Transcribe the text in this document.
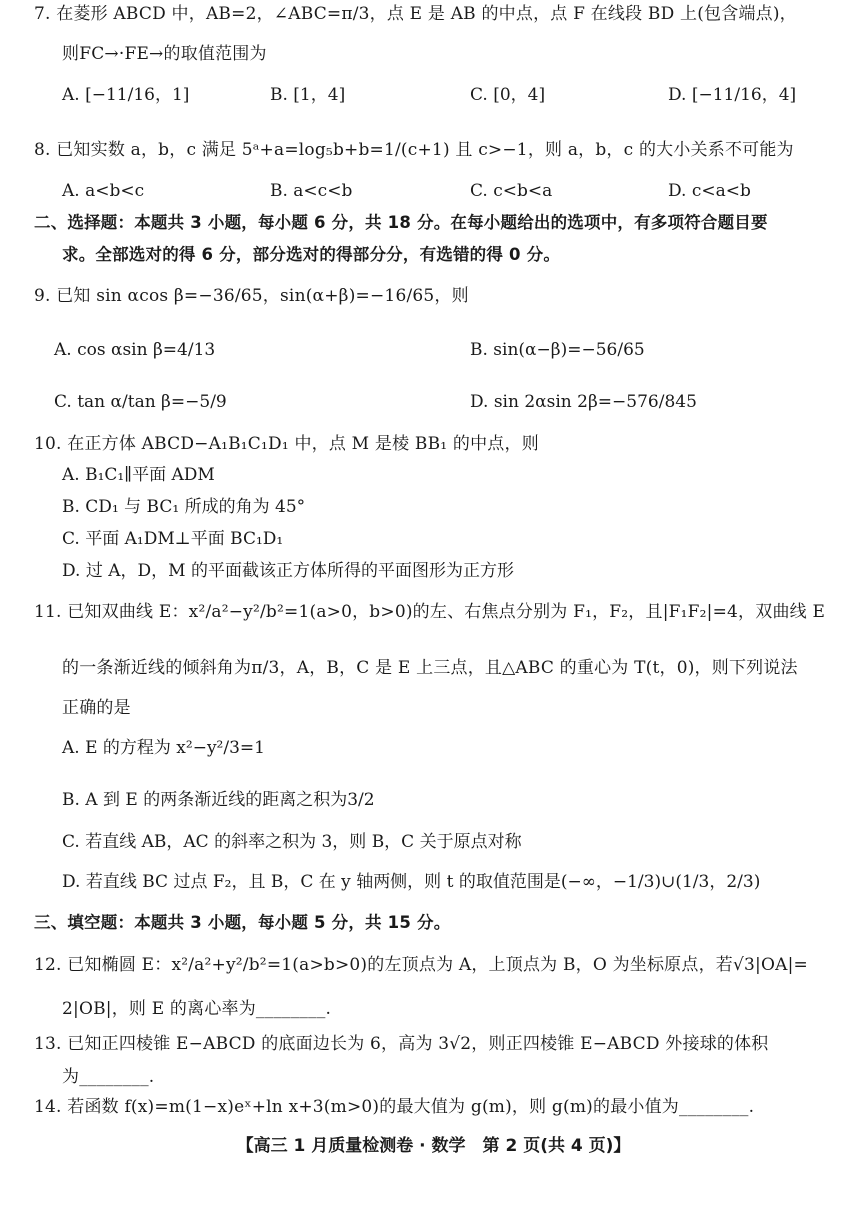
7. 在菱形 ABCD 中，AB=2，∠ABC=π/3，点 E 是 AB 的中点，点 F 在线段 BD 上(包含端点)，
则FC→·FE→的取值范围为
A. [−11/16，1]	B. [1，4]	C. [0，4]	D. [−11/16，4]
8. 已知实数 a，b，c 满足 5ᵃ+a=log₅b+b=1/(c+1) 且 c>−1，则 a，b，c 的大小关系不可能为
A. a<b<c	B. a<c<b	C. c<b<a	D. c<a<b
二、选择题：本题共 3 小题，每小题 6 分，共 18 分。在每小题给出的选项中，有多项符合题目要
求。全部选对的得 6 分，部分选对的得部分分，有选错的得 0 分。
9. 已知 sin αcos β=−36/65，sin(α+β)=−16/65，则
A. cos αsin β=4/13	B. sin(α−β)=−56/65
C. tan α/tan β=−5/9	D. sin 2αsin 2β=−576/845
10. 在正方体 ABCD−A₁B₁C₁D₁ 中，点 M 是棱 BB₁ 的中点，则
A. B₁C₁∥平面 ADM
B. CD₁ 与 BC₁ 所成的角为 45°
C. 平面 A₁DM⊥平面 BC₁D₁
D. 过 A，D，M 的平面截该正方体所得的平面图形为正方形
11. 已知双曲线 E：x²/a²−y²/b²=1(a>0，b>0)的左、右焦点分别为 F₁，F₂，且|F₁F₂|=4，双曲线 E
的一条渐近线的倾斜角为π/3，A，B，C 是 E 上三点，且△ABC 的重心为 T(t，0)，则下列说法
正确的是
A. E 的方程为 x²−y²/3=1
B. A 到 E 的两条渐近线的距离之积为3/2
C. 若直线 AB，AC 的斜率之积为 3，则 B，C 关于原点对称
D. 若直线 BC 过点 F₂，且 B，C 在 y 轴两侧，则 t 的取值范围是(−∞，−1/3)∪(1/3，2/3)
三、填空题：本题共 3 小题，每小题 5 分，共 15 分。
12. 已知椭圆 E：x²/a²+y²/b²=1(a>b>0)的左顶点为 A，上顶点为 B，O 为坐标原点，若√3|OA|=
2|OB|，则 E 的离心率为________.
13. 已知正四棱锥 E−ABCD 的底面边长为 6，高为 3√2，则正四棱锥 E−ABCD 外接球的体积
为________.
14. 若函数 f(x)=m(1−x)eˣ+ln x+3(m>0)的最大值为 g(m)，则 g(m)的最小值为________.
【高三 1 月质量检测卷 · 数学　第 2 页(共 4 页)】
